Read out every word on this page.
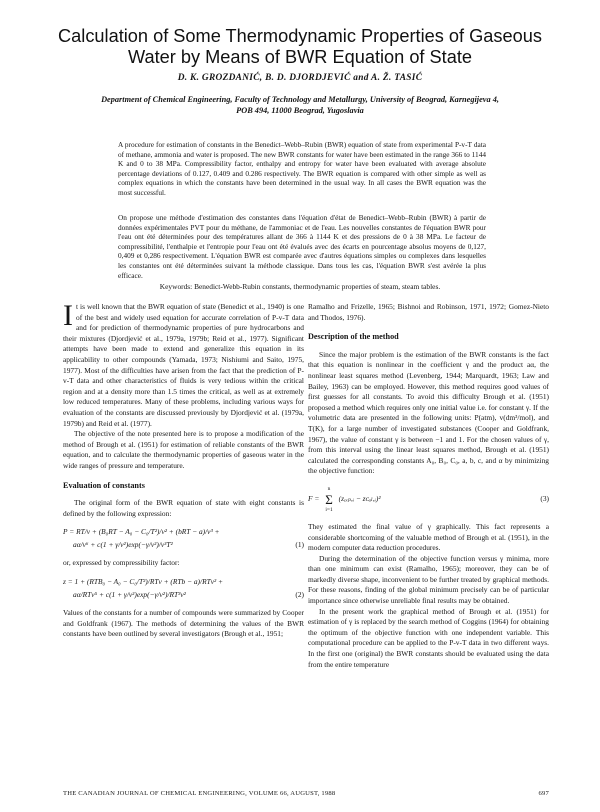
Calculation of Some Thermodynamic Properties of Gaseous
Water by Means of BWR Equation of State
D. K. GROZDANIĆ, B. D. DJORDJEVIĆ and A. Ž. TASIĆ
Department of Chemical Engineering, Faculty of Technology and Metallurgy, University of Beograd, Karnegijeva 4,
POB 494, 11000 Beograd, Yugoslavia
A procedure for estimation of constants in the Benedict–Webb–Rubin (BWR) equation of state from experimental P-v-T data of methane, ammonia and water is proposed. The new BWR constants for water have been estimated in the range 366 to 1144 K and 0 to 38 MPa. Compressibility factor, enthalpy and entropy for water have been evaluated with average absolute percentage deviations of 0.127, 0.409 and 0.286 respectively. The BWR equation is compared with other simple as well as complex equations in which the constants have been determined in the usual way. In all cases the BWR equation was the most successful.
On propose une méthode d'estimation des constantes dans l'équation d'état de Benedict–Webb–Rubin (BWR) à partir de données expérimentales PVT pour du méthane, de l'ammoniac et de l'eau. Les nouvelles constantes de l'équation BWR pour l'eau ont été déterminées pour des températures allant de 366 à 1144 K et des pressions de 0 à 38 MPa. Le facteur de compressibilité, l'enthalpie et l'entropie pour l'eau ont été évalués avec des écarts en pourcentage absolus moyens de 0,127, 0,409 et 0,286 respectivement. L'équation BWR est comparée avec d'autres équations simples ou complexes dans lesquelles les constantes ont été déterminées suivant la méthode classique. Dans tous les cas, l'équation BWR s'est avérée la plus efficace.
Keywords: Benedict-Webb-Rubin constants, thermodynamic properties of steam, steam tables.

It is well known that the BWR equation of state (Benedict et al., 1940) is one of the best and widely used equation for accurate correlation of P-v-T data and for prediction of thermodynamic properties of pure hydrocarbons and their mixtures (Djordjević et al., 1979a, 1979b; Reid et al., 1977). Significant attempts have been made to extend and generalize this equation in its applicability to other compounds (Yamada, 1973; Nishiumi and Saito, 1975, 1977). Most of the difficulties have arisen from the fact that the prediction of P-v-T data and other characteristics of fluids is very tedious within the critical region and at a density more than 1.5 times the critical, as well as at extremely low reduced temperatures. Many of these problems, including various ways for evaluation of the constants are discussed previously by Djordjević et al. (1979a, 1979b) and Reid et al. (1977).

The objective of the note presented here is to propose a modification of the method of Brough et al. (1951) for estimation of reliable constants of the BWR equation, and to calculate the thermodynamic properties of gaseous water in the wide ranges of pressure and temperature.

Evaluation of constants

The original form of the BWR equation of state with eight constants is defined by the following expression:

P = RT/v + (B₀RT − A₀ − C₀/T²)/v² + (bRT − a)/v³ +
aα/v⁶ + c(1 + γ/v²)exp(−γ/v²)/v³T²	(1)

or, expressed by compressibility factor:

z = 1 + (RTB₀ − A₀ − C₀/T²)/RTv + (RTb − a)/RTv² +
aα/RTv⁵ + c(1 + γ/v²)exp(−γ/v²)/RT³v²	(2)

Values of the constants for a number of compounds were summarized by Cooper and Goldfrank (1967). The methods of determining the values of the BWR constants have been outlined by several investigators (Brough et al., 1951;

Ramalho and Frizelle, 1965; Bishnoi and Robinson, 1971, 1972; Gomez-Nieto and Thodos, 1976).

Description of the method

Since the major problem is the estimation of the BWR constants is the fact that this equation is nonlinear in the coefficient γ and the product aα, the nonlinear least squares method (Levenberg, 1944; Marquardt, 1963; Law and Bailey, 1963) can be employed. However, this method requires good values of first guesses for all constants. To avoid this difficulty Brough et al. (1951) proposed a method which requires only one initial value i.e. for constant γ. If the volumetric data are presented in the following units: P(atm), v(dm³/mol), and T(K), for a large number of investigated substances (Cooper and Goldfrank, 1967), the value of constant γ is between −1 and 1. For the chosen values of γ, from this interval using the linear least squares method, Brough et al. (1951) calculated the corresponding constants A₀, B₀, C₀, a, b, c, and α by minimizing the objective function:

F =
n
Σ
i=1
(zₑₓₚ,ᵢ − zᴄₐₗ,ᵢ)²	(3)

They estimated the final value of γ graphically. This fact represents a considerable shortcoming of the valuable method of Brough et al. (1951), in the modern computer data reduction procedures.

During the determination of the objective function versus γ minima, more than one minimum can exist (Ramalho, 1965); moreover, they can be of markedly diverse shape, inconvenient to be further treated by graphical methods. For these reasons, finding of the global minimum precisely can be of particular importance since otherwise unreliable final results may be obtained.

In the present work the graphical method of Brough et al. (1951) for estimation of γ is replaced by the search method of Coggins (1964) for obtaining the optimum of the objective function with one independent variable. This computational procedure can be applied to the P-v-T data in two different ways. In the first one (original) the BWR constants should be evaluated using the data from the entire temperature

THE CANADIAN JOURNAL OF CHEMICAL ENGINEERING, VOLUME 66, AUGUST, 1988	697
